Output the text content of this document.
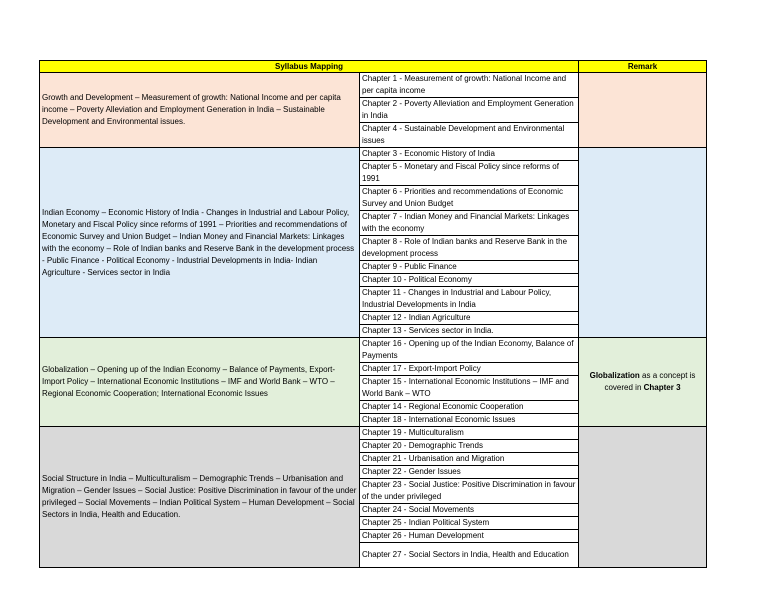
Syllabus Mapping		Remark
Growth and Development – Measurement of growth: National Income and per capita income – Poverty Alleviation and Employment Generation in India – Sustainable Development and Environmental issues.	Chapter 1 - Measurement of growth: National Income and per capita income	
	Chapter 2 - Poverty Alleviation and Employment Generation in India	
	Chapter 4 - Sustainable Development and Environmental issues	
Indian Economy – Economic History of India - Changes in Industrial and Labour Policy, Monetary and Fiscal Policy since reforms of 1991 – Priorities and recommendations of Economic Survey and Union Budget – Indian Money and Financial Markets: Linkages with the economy – Role of Indian banks and Reserve Bank in the development process - Public Finance - Political Economy - Industrial Developments in India- Indian Agriculture - Services sector in India	Chapter 3 - Economic History of India	
	Chapter 5 - Monetary and Fiscal Policy since reforms of 1991	
	Chapter 6 - Priorities and recommendations of Economic Survey and Union Budget	
	Chapter 7 - Indian Money and Financial Markets: Linkages with the economy	
	Chapter 8 - Role of Indian banks and Reserve Bank in the development process	
	Chapter 9 - Public Finance	
	Chapter 10 - Political Economy	
	Chapter 11 - Changes in Industrial and Labour Policy, Industrial Developments in India	
	Chapter 12 - Indian Agriculture	
	Chapter 13 - Services sector in India.	
Globalization – Opening up of the Indian Economy – Balance of Payments, Export-Import Policy – International Economic Institutions – IMF and World Bank – WTO – Regional Economic Cooperation; International Economic Issues	Chapter 16 - Opening up of the Indian Economy, Balance of Payments	Globalization as a concept is covered in Chapter 3
	Chapter 17 - Export-Import Policy	
	Chapter 15 - International Economic Institutions – IMF and World Bank – WTO	
	Chapter 14 - Regional Economic Cooperation	
	Chapter 18 - International Economic Issues	
Social Structure in India – Multiculturalism – Demographic Trends – Urbanisation and Migration – Gender Issues – Social Justice: Positive Discrimination in favour of the under privileged – Social Movements – Indian Political System – Human Development – Social Sectors in India, Health and Education.	Chapter 19 - Multiculturalism	
	Chapter 20 - Demographic Trends	
	Chapter 21 - Urbanisation and Migration	
	Chapter 22 - Gender Issues	
	Chapter 23 - Social Justice: Positive Discrimination in favour of the under privileged	
	Chapter 24 - Social Movements	
	Chapter 25 - Indian Political System	
	Chapter 26 - Human Development	
	Chapter 27 - Social Sectors in India, Health and Education	
